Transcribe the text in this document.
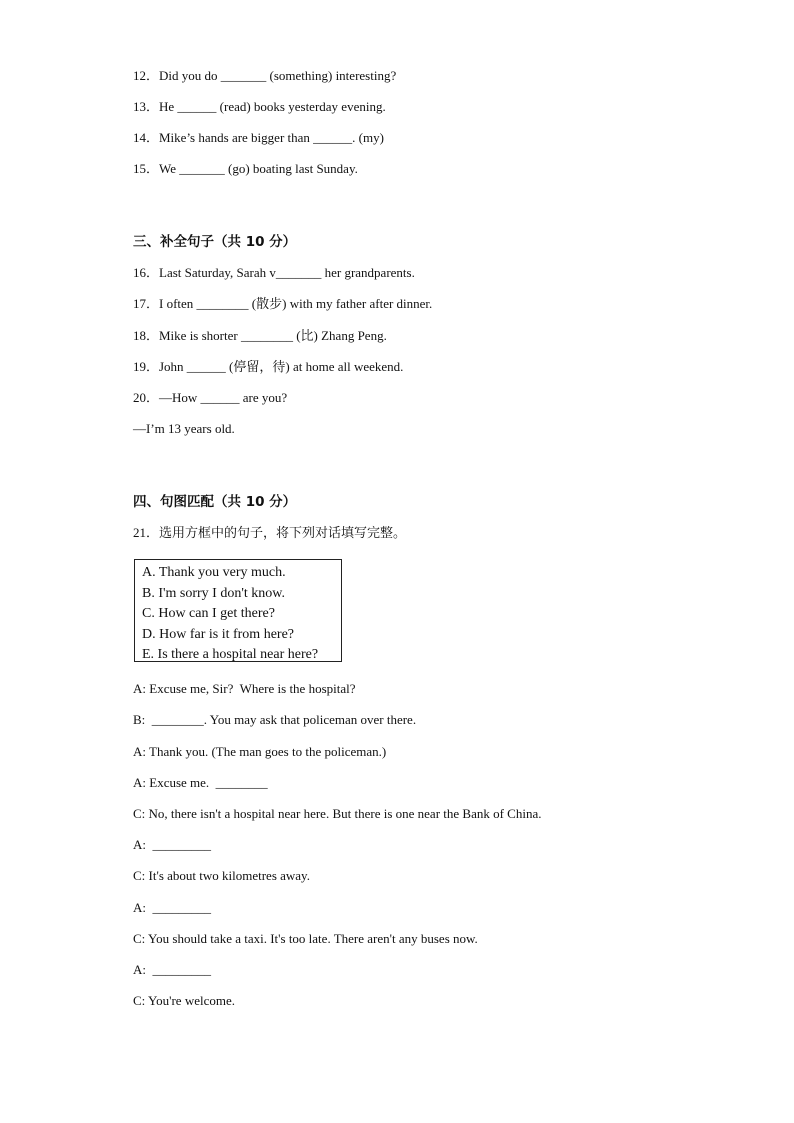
12．Did you do _______ (something) interesting?
13．He ______ (read) books yesterday evening.
14．Mike’s hands are bigger than ______. (my)
15．We _______ (go) boating last Sunday.
三、补全句子（共 10 分）
16．Last Saturday, Sarah v_______ her grandparents.
17．I often ________ (散步) with my father after dinner.
18．Mike is shorter ________ (比) Zhang Peng.
19．John ______ (停留，待) at home all weekend.
20．—How ______ are you?
—I’m 13 years old.
四、句图匹配（共 10 分）
21．选用方框中的句子，将下列对话填写完整。
A. Thank you very much.
B. I'm sorry I don't know.
C. How can I get there?
D. How far is it from here?
E. Is there a hospital near here?
A: Excuse me, Sir?  Where is the hospital?
B:  ________. You may ask that policeman over there.
A: Thank you. (The man goes to the policeman.)
A: Excuse me.  ________
C: No, there isn't a hospital near here. But there is one near the Bank of China.
A:  _________
C: It's about two kilometres away.
A:  _________
C: You should take a taxi. It's too late. There aren't any buses now.
A:  _________
C: You're welcome.
